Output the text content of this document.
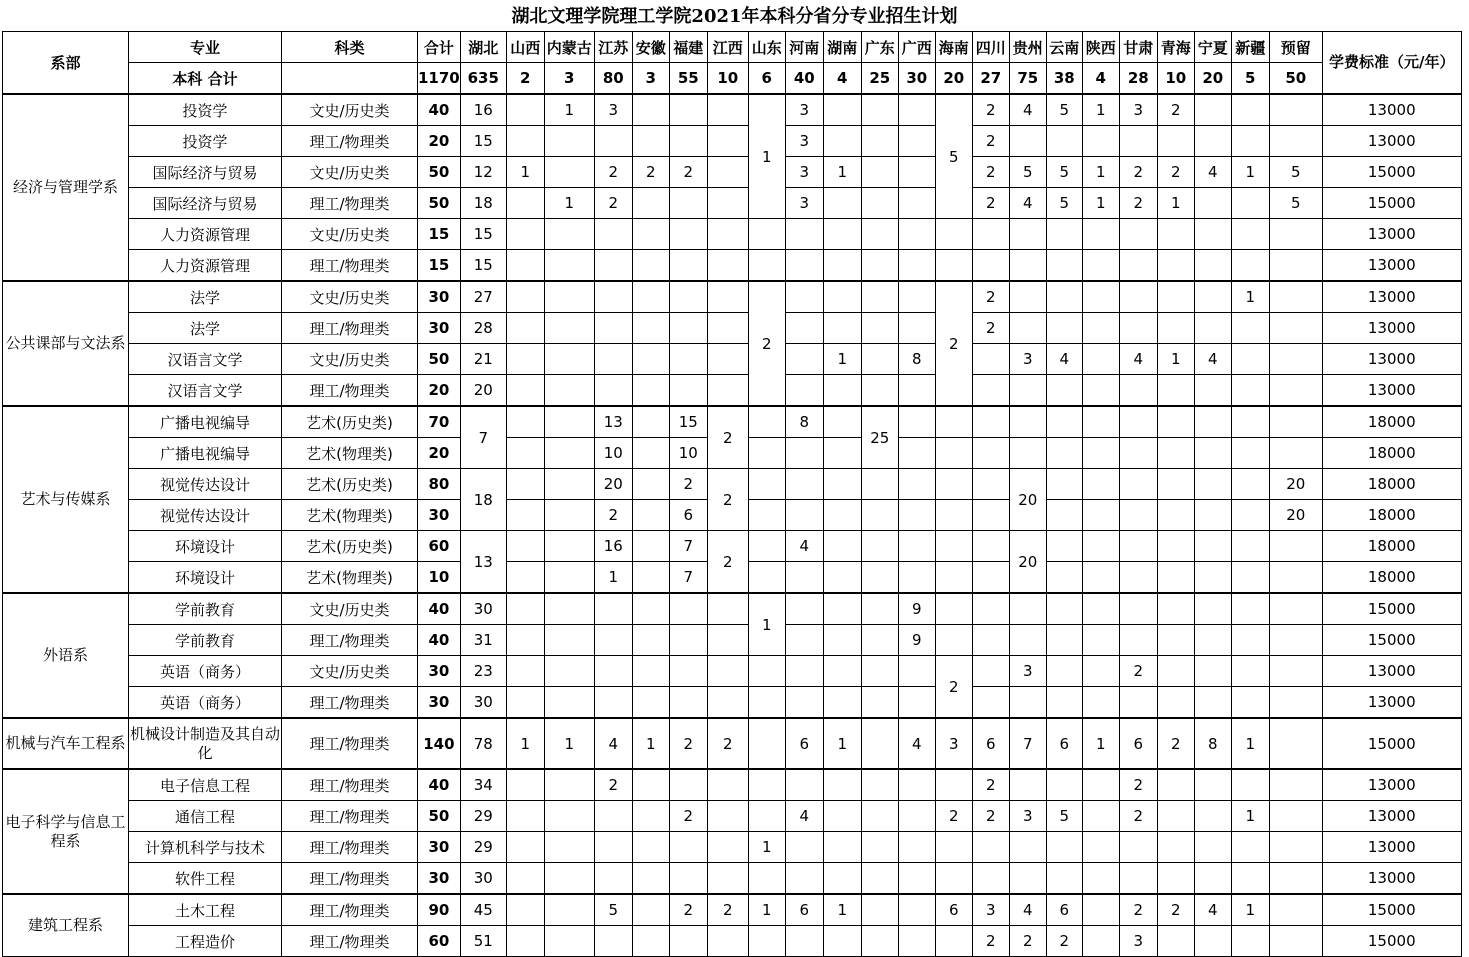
湖北文理学院理工学院2021年本科分省分专业招生计划
系部	专业	科类	合计	湖北	山西	内蒙古	江苏	安徽	福建	江西	山东	河南	湖南	广东	广西	海南	四川	贵州	云南	陕西	甘肃	青海	宁夏	新疆	预留	学费标准（元/年）
	本科 合计		1170	635	2	3	80	3	55	10	6	40	4	25	30	20	27	75	38	4	28	10	20	5	50	
经济与管理学系	投资学	文史/历史类	40	16		1	3				1	3				5	2	4	5	1	3	2				13000
	投资学	理工/物理类	20	15								3					2									13000
	国际经济与贸易	文史/历史类	50	12	1		2	2	2			3	1				2	5	5	1	2	2	4	1	5	15000
	国际经济与贸易	理工/物理类	50	18		1	2					3					2	4	5	1	2	1			5	15000
	人力资源管理	文史/历史类	15	15																						13000
	人力资源管理	理工/物理类	15	15																						13000
公共课部与文法系	法学	文史/历史类	30	27							2					2	2							1		13000
	法学	理工/物理类	30	28													2									13000
	汉语言文学	文史/历史类	50	21									1		8			3	4		4	1	4			13000
	汉语言文学	理工/物理类	20	20																						13000
艺术与传媒系	广播电视编导	艺术(历史类)	70	7			13		15	2		8		25												18000
	广播电视编导	艺术(物理类)	20				10		10																	18000
	视觉传达设计	艺术(历史类)	80	18			20		2	2								20							20	18000
	视觉传达设计	艺术(物理类)	30				2		6																20	18000
	环境设计	艺术(历史类)	60	13			16		7	2		4						20								18000
	环境设计	艺术(物理类)	10				1		7																	18000
外语系	学前教育	文史/历史类	40	30							1				9											15000
	学前教育	理工/物理类	40	31											9											15000
	英语（商务）	文史/历史类	30	23												2		3			2					13000
	英语（商务）	理工/物理类	30	30																						13000
机械与汽车工程系	机械设计制造及其自动化	理工/物理类	140	78	1	1	4	1	2	2		6	1		4	3	6	7	6	1	6	2	8	1		15000
电子科学与信息工程系	电子信息工程	理工/物理类	40	34			2										2				2					13000
	通信工程	理工/物理类	50	29					2			4				2	2	3	5		2			1		13000
	计算机科学与技术	理工/物理类	30	29							1															13000
	软件工程	理工/物理类	30	30																						13000
建筑工程系	土木工程	理工/物理类	90	45			5		2	2	1	6	1			6	3	4	6		2	2	4	1		15000
	工程造价	理工/物理类	60	51													2	2	2		3					15000
